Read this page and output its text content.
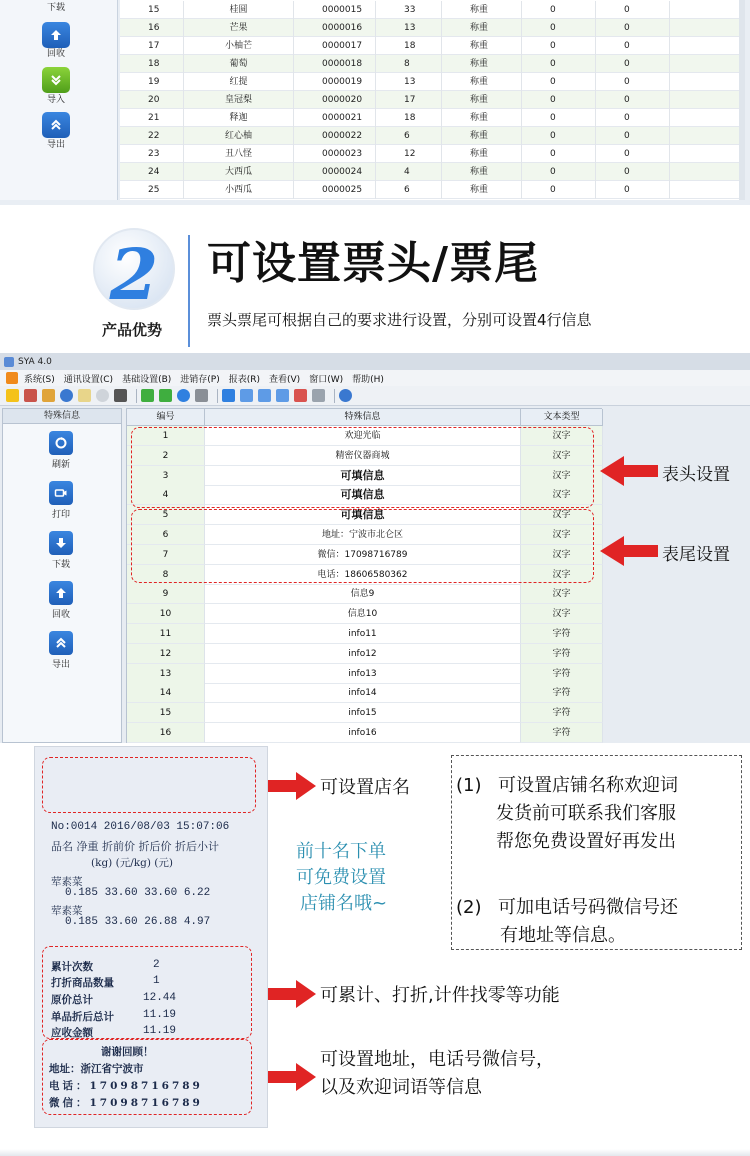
下载
回收
导入
导出
15	桂圆	0000015	33	称重	0	0
16	芒果	0000016	13	称重	0	0
17	小柚芒	0000017	18	称重	0	0
18	葡萄	0000018	8	称重	0	0
19	红提	0000019	13	称重	0	0
20	皇冠梨	0000020	17	称重	0	0
21	释迦	0000021	18	称重	0	0
22	红心柚	0000022	6	称重	0	0
23	丑八怪	0000023	12	称重	0	0
24	大西瓜	0000024	4	称重	0	0
25	小西瓜	0000025	6	称重	0	0
2
产品优势
可设置票头/票尾
票头票尾可根据自己的要求进行设置，分别可设置4行信息
SYA 4.0
系统(S) 通讯设置(C) 基础设置(B) 进销存(P) 报表(R) 查看(V) 窗口(W) 帮助(H)
特殊信息
刷新
打印
下载
回收
导出
编号	特殊信息	文本类型
1	欢迎光临	汉字
2	精密仪器商城	汉字
3	可填信息	汉字
4	可填信息	汉字
5	可填信息	汉字
6	地址：宁波市北仑区	汉字
7	微信：17098716789	汉字
8	电话：18606580362	汉字
9	信息9	汉字
10	信息10	汉字
11	info11	字符
12	info12	字符
13	info13	字符
14	info14	字符
15	info15	字符
16	info16	字符
表头设置
表尾设置
No:0014 2016/08/03 15:07:06
品名 净重 折前价 折后价 折后小计
(kg) (元/kg) (元)
荤素菜
0.185 33.60 33.60 6.22
荤素菜
0.185 33.60 26.88 4.97
累计次数	2
打折商品数量	1
原价总计	12.44
单品折后总计	11.19
应收金额	11.19
谢谢回顾！
地址：浙江省宁波市
电话：17098716789
微信：17098716789
可设置店名
可累计、打折,计件找零等功能
可设置地址，电话号微信号，
以及欢迎词语等信息
前十名下单
可免费设置
店铺名哦~
(1) 可设置店铺名称欢迎词
发货前可联系我们客服
帮您免费设置好再发出
(2) 可加电话号码微信号还
有地址等信息。
